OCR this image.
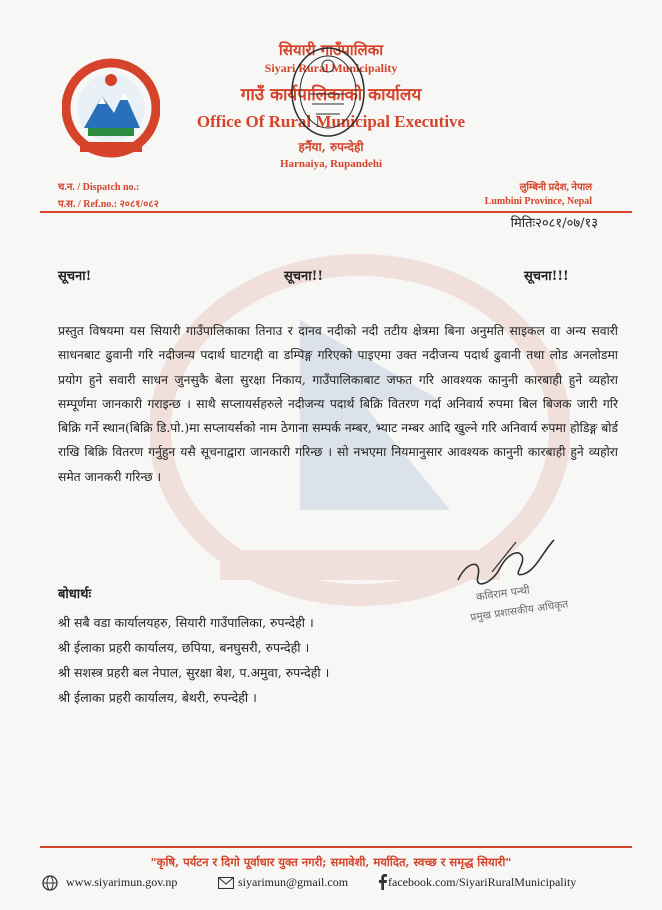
सियारी गाउँपालिका
Siyari Rural Municipality
गाउँ कार्यपालिकाको कार्यालय
Office Of Rural Municipal Executive
हर्नैया, रुपन्देही
Harnaiya, Rupandehi
च.न. / Dispatch no.:
प.स. / Ref.no.: २०८१/०८२
लुम्बिनी प्रदेश, नेपाल
Lumbini Province, Nepal
मितिः२०८१/०७/१३
सूचना!	सूचना!!	सूचना!!!
प्रस्तुत विषयमा यस सियारी गाउँपालिकाका तिनाउ र दानव नदीको नदी तटीय क्षेत्रमा बिना अनुमति साइकल वा अन्य सवारी साधनबाट ढुवानी गरि नदीजन्य पदार्थ घाटगद्दी वा डम्पिङ्ग गरिएको पाइएमा उक्त नदीजन्य पदार्थ ढुवानी तथा लोड अनलोडमा प्रयोग हुने सवारी साधन जुनसुकै बेला सुरक्षा निकाय, गाउँपालिकाबाट जफत गरि आवश्यक कानुनी कारबाही हुने व्यहोरा सम्पूर्णमा जानकारी गराइन्छ । साथै सप्लायर्सहरुले नदीजन्य पदार्थ बिक्रि वितरण गर्दा अनिवार्य रुपमा बिल बिजक जारी गरि बिक्रि गर्ने स्थान(बिक्रि डि.पो.)मा सप्लायर्सको नाम ठेगाना सम्पर्क नम्बर, भ्याट नम्बर आदि खुल्ने गरि अनिवार्य रुपमा होडिङ्ग बोर्ड राखि बिक्रि वितरण गर्नुहुन यसै सूचनाद्वारा जानकारी गरिन्छ । सो नभएमा नियमानुसार आवश्यक कानुनी कारबाही हुने व्यहोरा समेत जानकरी गरिन्छ ।
कविराम पन्थी
प्रमुख प्रशासकीय अधिकृत
बोधार्थः
श्री सबै वडा कार्यालयहरु, सियारी गाउँपालिका, रुपन्देही ।
श्री ईलाका प्रहरी कार्यालय, छपिया, बनघुसरी, रुपन्देही ।
श्री सशस्त्र प्रहरी बल नेपाल, सुरक्षा बेश, प.अमुवा, रुपन्देही ।
श्री ईलाका प्रहरी कार्यालय, बेथरी, रुपन्देही ।
"कृषि, पर्यटन र दिगो पूर्वाधार युक्त नगरी; समावेशी, मर्यादित, स्वच्छ र समृद्ध सियारी"
www.siyarimun.gov.np	siyarimun@gmail.com	facebook.com/SiyariRuralMunicipality
